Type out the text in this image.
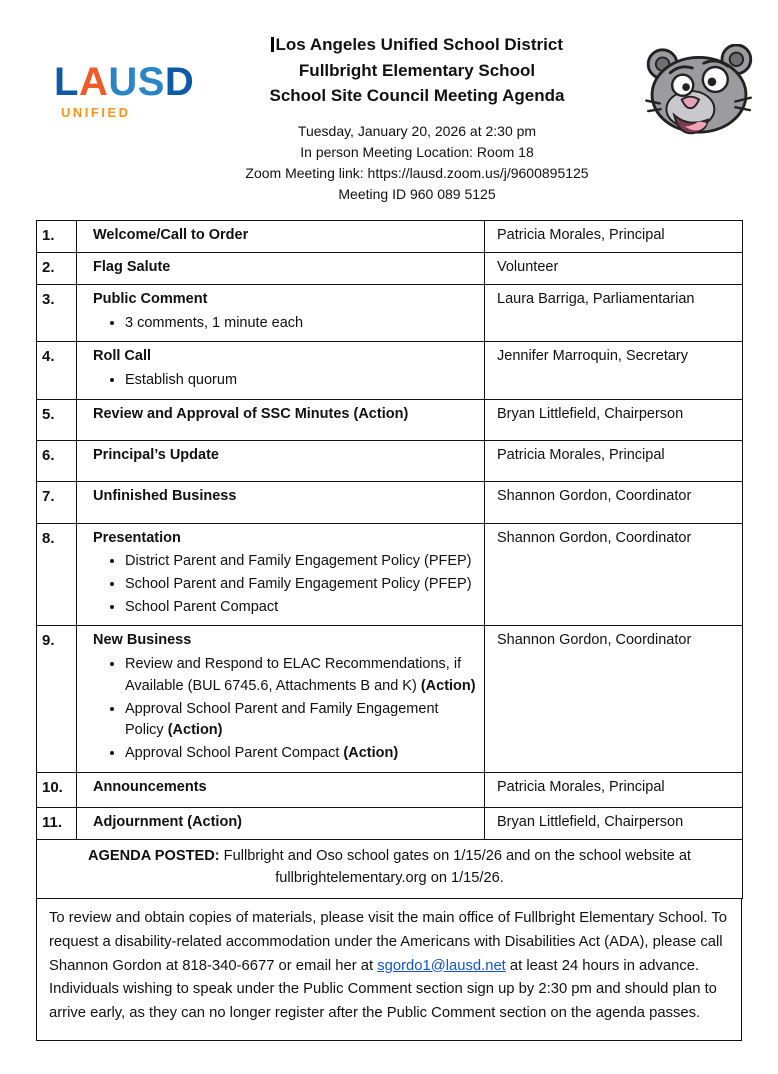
LAUSD
UNIFIED
Los Angeles Unified School District
Fullbright Elementary School
School Site Council Meeting Agenda
Tuesday, January 20, 2026 at 2:30 pm
In person Meeting Location: Room 18
Zoom Meeting link: https://lausd.zoom.us/j/9600895125
Meeting ID 960 089 5125
1.	Welcome/Call to Order	Patricia Morales, Principal
2.	Flag Salute	Volunteer
3.	Public Comment
• 3 comments, 1 minute each
	Laura Barriga, Parliamentarian
4.	Roll Call
• Establish quorum
	Jennifer Marroquin, Secretary
5.	Review and Approval of SSC Minutes (Action)	Bryan Littlefield, Chairperson
6.	Principal’s Update	Patricia Morales, Principal
7.	Unfinished Business	Shannon Gordon, Coordinator
8.	Presentation
• District Parent and Family Engagement Policy (PFEP)
• School Parent and Family Engagement Policy (PFEP)
• School Parent Compact
	Shannon Gordon, Coordinator
9.	New Business
• Review and Respond to ELAC Recommendations, if Available (BUL 6745.6, Attachments B and K) (Action)
• Approval School Parent and Family Engagement Policy (Action)
• Approval School Parent Compact (Action)
	Shannon Gordon, Coordinator
10.	Announcements	Patricia Morales, Principal
11.	Adjournment (Action)	Bryan Littlefield, Chairperson
AGENDA POSTED: Fullbright and Oso school gates on 1/15/26 and on the school website at fullbrightelementary.org on 1/15/26.		
To review and obtain copies of materials, please visit the main office of Fullbright Elementary School. To request a disability-related accommodation under the Americans with Disabilities Act (ADA), please call Shannon Gordon at 818-340-6677 or email her at sgordo1@lausd.net at least 24 hours in advance. Individuals wishing to speak under the Public Comment section sign up by 2:30 pm and should plan to arrive early, as they can no longer register after the Public Comment section on the agenda passes.
